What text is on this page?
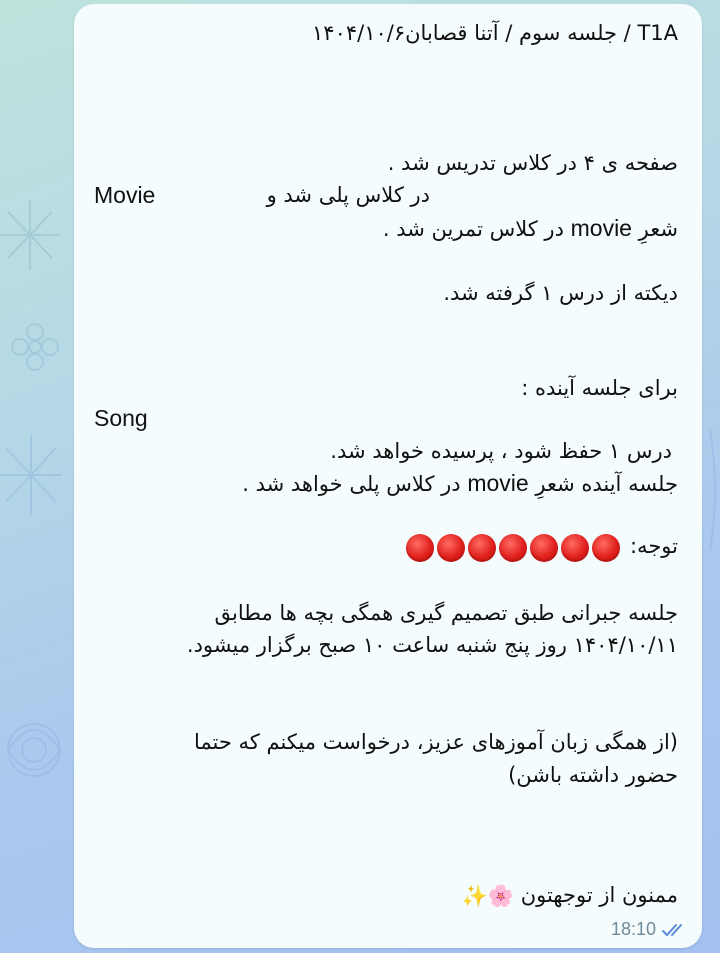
T1A / جلسه سوم / آتنا قصابان۱۴۰۴/۱۰/۶

صفحه ی ۴ در کلاس تدریس شد .

در کلاس پلی شد و

Movie

شعرِ movie در کلاس تمرین شد .

دیکته از درس ۱ گرفته شد.

برای جلسه آینده :

Song

درس ۱ حفظ شود ، پرسیده خواهد شد.

جلسه آینده شعرِ movie در کلاس پلی خواهد شد .

توجه:

جلسه جبرانی طبق تصمیم گیری همگی بچه ها مطابق

۱۴۰۴/۱۰/۱۱ روز پنج شنبه ساعت ۱۰ صبح برگزار میشود.

(از همگی زبان آموزهای عزیز، درخواست میکنم که حتما

حضور داشته باشن)

ممنون از توجهتون 🌸✨

18:10
